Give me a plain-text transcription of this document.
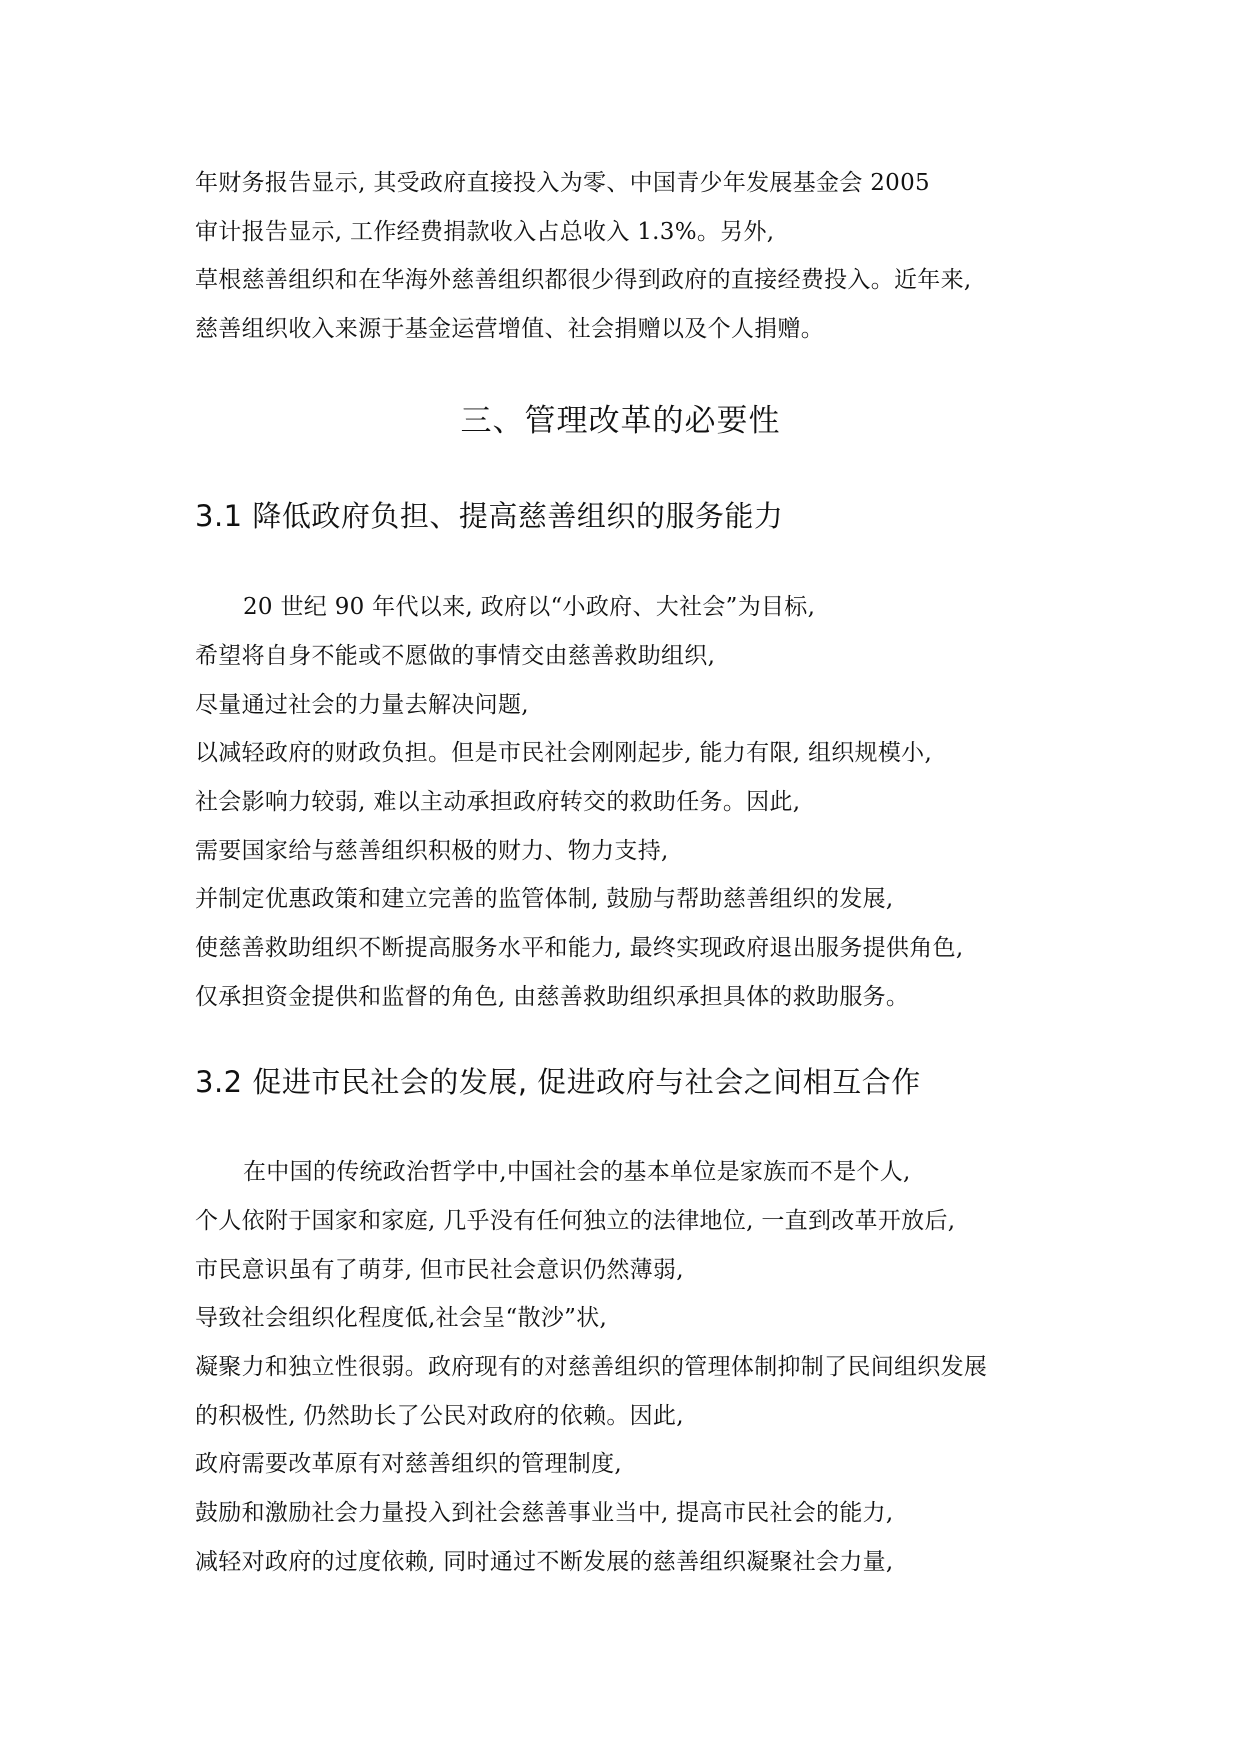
年财务报告显示, 其受政府直接投入为零、中国青少年发展基金会 2005
审计报告显示, 工作经费捐款收入占总收入 1.3%。另外,
草根慈善组织和在华海外慈善组织都很少得到政府的直接经费投入。近年来,
慈善组织收入来源于基金运营增值、社会捐赠以及个人捐赠。
三、管理改革的必要性
3.1 降低政府负担、提高慈善组织的服务能力
20 世纪 90 年代以来, 政府以“小政府、大社会”为目标,
希望将自身不能或不愿做的事情交由慈善救助组织,
尽量通过社会的力量去解决问题,
以减轻政府的财政负担。但是市民社会刚刚起步, 能力有限, 组织规模小,
社会影响力较弱, 难以主动承担政府转交的救助任务。因此,
需要国家给与慈善组织积极的财力、物力支持,
并制定优惠政策和建立完善的监管体制, 鼓励与帮助慈善组织的发展,
使慈善救助组织不断提高服务水平和能力, 最终实现政府退出服务提供角色,
仅承担资金提供和监督的角色, 由慈善救助组织承担具体的救助服务。
3.2 促进市民社会的发展, 促进政府与社会之间相互合作
在中国的传统政治哲学中,中国社会的基本单位是家族而不是个人,
个人依附于国家和家庭, 几乎没有任何独立的法律地位, 一直到改革开放后,
市民意识虽有了萌芽, 但市民社会意识仍然薄弱,
导致社会组织化程度低,社会呈“散沙”状,
凝聚力和独立性很弱。政府现有的对慈善组织的管理体制抑制了民间组织发展
的积极性, 仍然助长了公民对政府的依赖。因此,
政府需要改革原有对慈善组织的管理制度,
鼓励和激励社会力量投入到社会慈善事业当中, 提高市民社会的能力,
减轻对政府的过度依赖, 同时通过不断发展的慈善组织凝聚社会力量,
